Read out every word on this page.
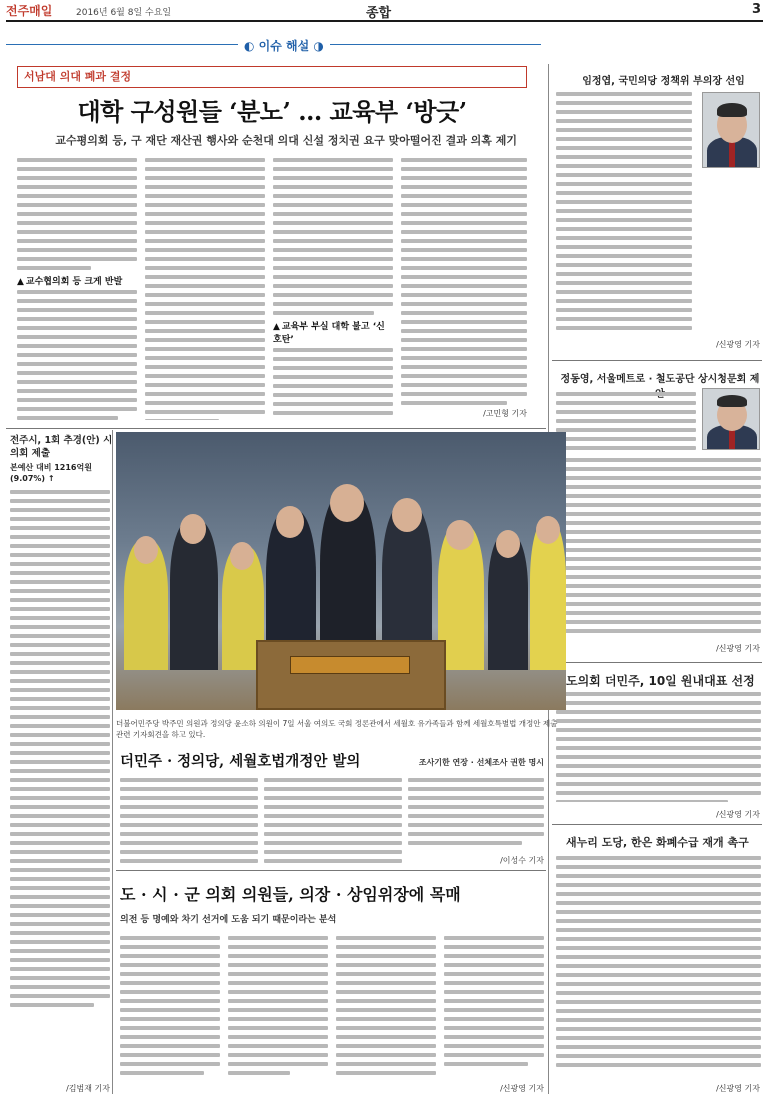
전주매일	2016년 6월 8일 수요일	종합	3
◐ 이슈 해설 ◑
서남대 의대 폐과 결정
대학 구성원들 ‘분노’ … 교육부 ‘방긋’
교수평의회 등, 구 재단 재산권 행사와 순천대 의대 신설 정치권 요구 맞아떨어진 결과 의혹 제기
▲ 교수협의회 등 크게 반발
▲ 교육부 부실 대학 불고 ‘신호탄’
/고민형 기자
임정엽, 국민의당 정책위 부의장 선임
/신광영 기자
정동영, 서울메트로 · 철도공단 상시청문회 제
/신광영 기자
도의회 더민주, 10일 원내대표 선정
/신광영 기자
새누리 도당, 한은 화폐수급 재개 촉구
/신광영 기자
전주시, 1회 추경(안) 시의회 제출
본예산 대비 1216억원(9.07%) ↑
/김범재 기자
더불어민주당 박주민 의원과 정의당 윤소하 의원이 7일 서울 여의도 국회 정론관에서 세월호 유가족들과 함께 세월호특별법 개정안 제출 관련 기자회견을 하고 있다.
더민주 · 정의당, 세월호법개정안 발의	조사기한 연장 · 선체조사 권한 명시
/이성수 기자
도 · 시 · 군 의회 의원들, 의장 · 상임위장에 목매
의전 등 명예와 차기 선거에 도움 되기 때문이라는 분석
/신광영 기자
